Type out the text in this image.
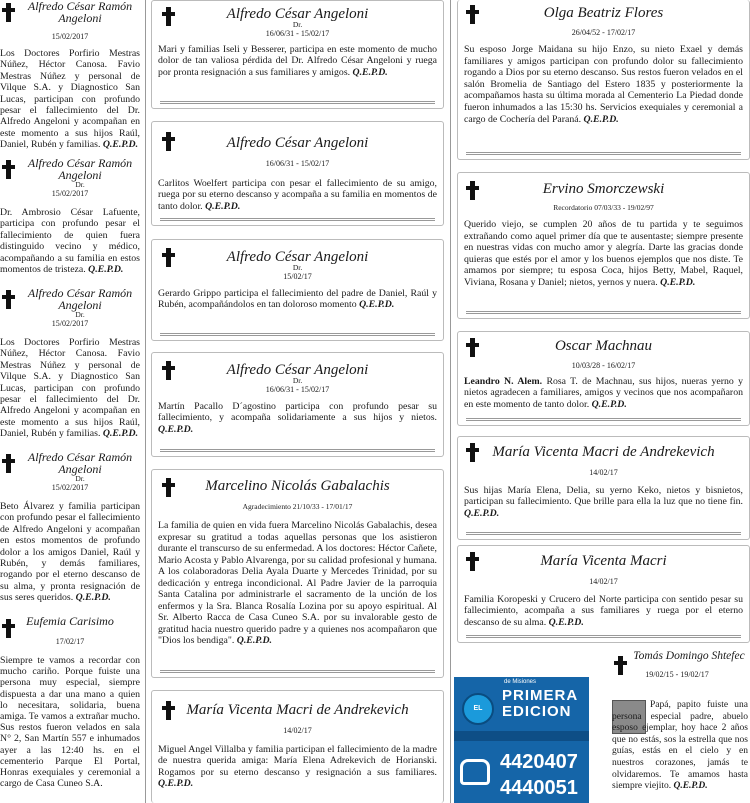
Alfredo César Ramón Angeloni
15/02/2017

Los Doctores Porfirio Mestras Núñez, Héctor Canosa. Favio Mestras Núñez y personal de Vilque S.A. y Diagnostico San Lucas, participan con profundo pesar el fallecimiento del Dr. Alfredo Angeloni y acompañan en este momento a sus hijos Raúl, Daniel, Rubén y familias. Q.E.P.D.

Alfredo César Ramón Angeloni
Dr.
15/02/2017

Dr. Ambrosio César Lafuente, participa con profundo pesar el fallecimiento de quien fuera distinguido vecino y médico, acompañando a su familia en estos momentos de tristeza. Q.E.P.D.

Alfredo César Ramón Angeloni
Dr.
15/02/2017

Los Doctores Porfirio Mestras Núñez, Héctor Canosa. Favio Mestras Núñez y personal de Vilque S.A. y Diagnostico San Lucas, participan con profundo pesar el fallecimiento del Dr. Alfredo Angeloni y acompañan en este momento a sus hijos Raúl, Daniel, Rubén y familias. Q.E.P.D.

Alfredo César Ramón Angeloni
Dr.
15/02/2017

Beto Álvarez y familia participan con profundo pesar el fallecimiento de Alfredo Angeloni y acompañan en estos momentos de profundo dolor a los amigos Daniel, Raúl y Rubén, y demás familiares, rogando por el eterno descanso de su alma, y pronta resignación de sus seres queridos. Q.E.P.D.

Eufemia Carisimo
17/02/17

Siempre te vamos a recordar con mucho cariño. Porque fuiste una persona muy especial, siempre dispuesta a dar una mano a quien lo necesitara, solidaria, buena amiga. Te vamos a extrañar mucho. Sus restos fueron velados en sala N° 2, San Martín 557 e inhumados ayer a las 12:40 hs. en el cementerio Parque El Portal, Honras exequiales y ceremonial a cargo de Casa Cuneo S.A.

Alfredo César Angeloni
Dr.
16/06/31 - 15/02/17

Mari y familias Iseli y Besserer, participa en este momento de mucho dolor de tan valiosa pérdida del Dr. Alfredo César Angeloni y ruega por pronta resignación a sus familiares y amigos. Q.E.P.D.

Alfredo César Angeloni
16/06/31 - 15/02/17

Carlitos Woelfert participa con pesar el fallecimiento de su amigo, ruega por su eterno descanso y acompaña a su familia en momentos de tanto dolor. Q.E.P.D.

Alfredo César Angeloni
Dr.
15/02/17

Gerardo Grippo participa el fallecimiento del padre de Daniel, Raúl y Rubén, acompañándolos en tan doloroso momento Q.E.P.D.

Alfredo César Angeloni
Dr.
16/06/31 - 15/02/17

Martín Pacallo D´agostino participa con profundo pesar su fallecimiento, y acompaña solidariamente a sus hijos y nietos. Q.E.P.D.

Marcelino Nicolás Gabalachis
Agradecimiento 21/10/33 - 17/01/17

La familia de quien en vida fuera Marcelino Nicolás Gabalachis, desea expresar su gratitud a todas aquellas personas que los asistieron durante el transcurso de su enfermedad. A los doctores: Héctor Cañete, Mario Acosta y Pablo Alvarenga, por su calidad profesional y humana. A los colaboradoras Delia Ayala Duarte y Mercedes Trinidad, por su dedicación y entrega incondicional. Al Padre Javier de la parroquia Santa Catalina por administrarle el sacramento de la unción de los enfermos y la Sra. Blanca Rosalía Lozina por su apoyo espiritual. Al Sr. Alberto Racca de Casa Cuneo S.A. por su invalorable gesto de gratitud hacia nuestro querido padre y a quienes nos acompañaron que "Dios los bendiga". Q.E.P.D.

María Vicenta Macri de Andrekevich
14/02/17

Miguel Angel Villalba y familia participan el fallecimiento de la madre de nuestra querida amiga: María Elena Adrekevich de Horianski. Rogamos por su eterno descanso y resignación a sus familiares. Q.E.P.D.

Olga Beatriz Flores
26/04/52 - 17/02/17

Su esposo Jorge Maidana su hijo Enzo, su nieto Exael y demás familiares y amigos participan con profundo dolor su fallecimiento rogando a Dios por su eterno descanso. Sus restos fueron velados en el salón Bromelia de Santiago del Estero 1835 y posteriormente la acompañamos hasta su última morada al Cementerio La Piedad donde fueron inhumados a las 15:30 hs. Servicios exequiales y ceremonial a cargo de Cochería del Paraná. Q.E.P.D.

Ervino Smorczewski
Recordatorio 07/03/33 - 19/02/97

Querido viejo, se cumplen 20 años de tu partida y te seguimos extrañando como aquel primer día que te ausentaste; siempre presente en nuestras vidas con mucho amor y alegría. Darte las gracias donde quieras que estés por el amor y los buenos ejemplos que nos diste. Te amamos por siempre; tu esposa Coca, hijos Betty, Mabel, Raquel, Viviana, Rosana y Daniel; nietos, yernos y nuera. Q.E.P.D.

Oscar Machnau
10/03/28 - 16/02/17

Leandro N. Alem. Rosa T. de Machnau, sus hijos, nueras yerno y nietos agradecen a familiares, amigos y vecinos que nos acompañaron en este momento de tanto dolor. Q.E.P.D.

María Vicenta Macri de Andrekevich
14/02/17

Sus hijas María Elena, Delia, su yerno Keko, nietos y bisnietos, participan su fallecimiento. Que brille para ella la luz que no tiene fin. Q.E.P.D.

María Vicenta Macri
14/02/17

Familia Koropeski y Crucero del Norte participa con sentido pesar su fallecimiento, acompaña a sus familiares y ruega por el eterno descanso de su alma. Q.E.P.D.

EL
de Misiones
PRIMERA
EDICION
4420407
4440051
Tomás Domingo Shtefec
19/02/15 - 19/02/17

Papá, papito fuiste una persona especial padre, abuelo esposo ejemplar, hoy hace 2 años que no estás, sos la estrella que nos guías, estás en el cielo y en nuestros corazones, jamás te olvidaremos. Te amamos hasta siempre viejito. Q.E.P.D.
